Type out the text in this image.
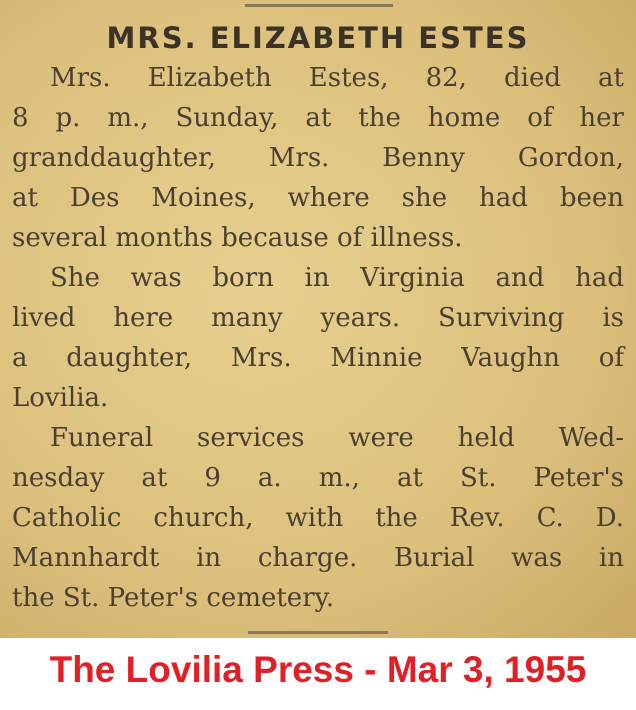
MRS. ELIZABETH ESTES
Mrs. Elizabeth Estes, 82, died at
8 p. m., Sunday, at the home of her
granddaughter, Mrs. Benny Gordon,
at Des Moines, where she had been
several months because of illness.
She was born in Virginia and had
lived here many years. Surviving is
a daughter, Mrs. Minnie Vaughn of
Lovilia.
Funeral services were held Wed-
nesday at 9 a. m., at St. Peter's
Catholic church, with the Rev. C. D.
Mannhardt in charge. Burial was in
the St. Peter's cemetery.
The Lovilia Press - Mar 3, 1955
